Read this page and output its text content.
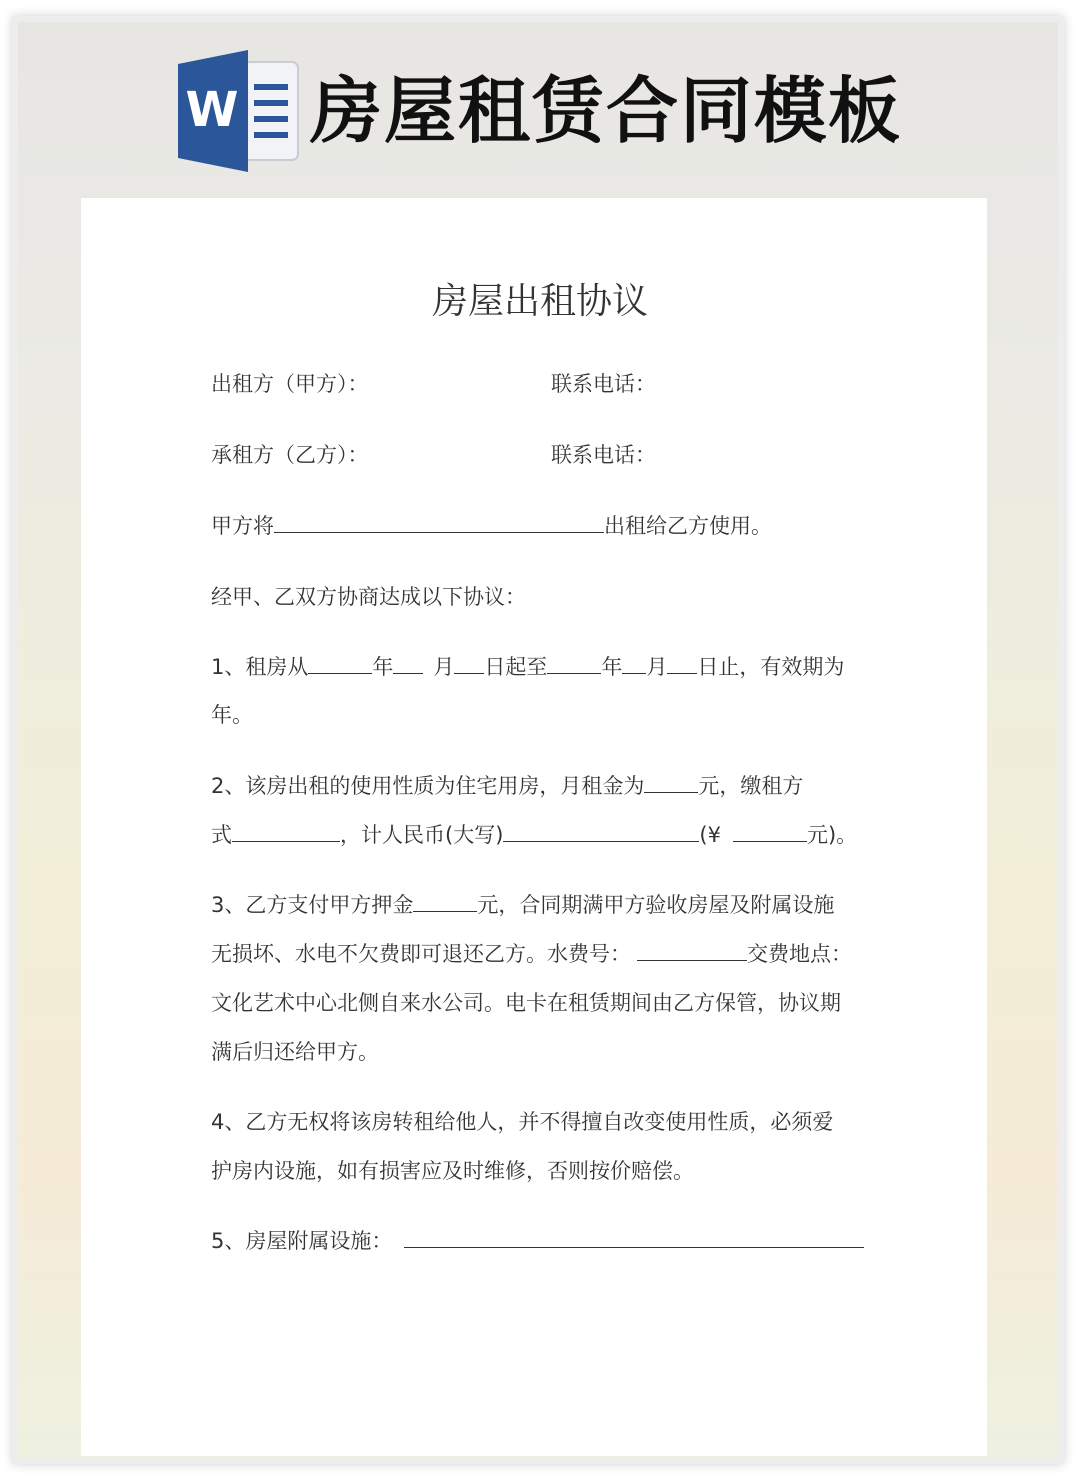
W 房屋租赁合同模板
房屋出租协议
出租方（甲方）：	联系电话：
承租方（乙方）：	联系电话：
甲方将	出租给乙方使用。
经甲、乙双方协商达成以下协议：
1、租房从	年 月 日起至	年 月 日止，有效期为
年。
2、该房出租的使用性质为住宅用房，月租金为	元，缴租方
式	，计人民币(大写)	(¥	元)。
3、乙方支付甲方押金	元，合同期满甲方验收房屋及附属设施
无损坏、水电不欠费即可退还乙方。水费号：	交费地点：
文化艺术中心北侧自来水公司。电卡在租赁期间由乙方保管，协议期
满后归还给甲方。
4、乙方无权将该房转租给他人，并不得擅自改变使用性质，必须爱
护房内设施，如有损害应及时维修，否则按价赔偿。
5、房屋附属设施：
